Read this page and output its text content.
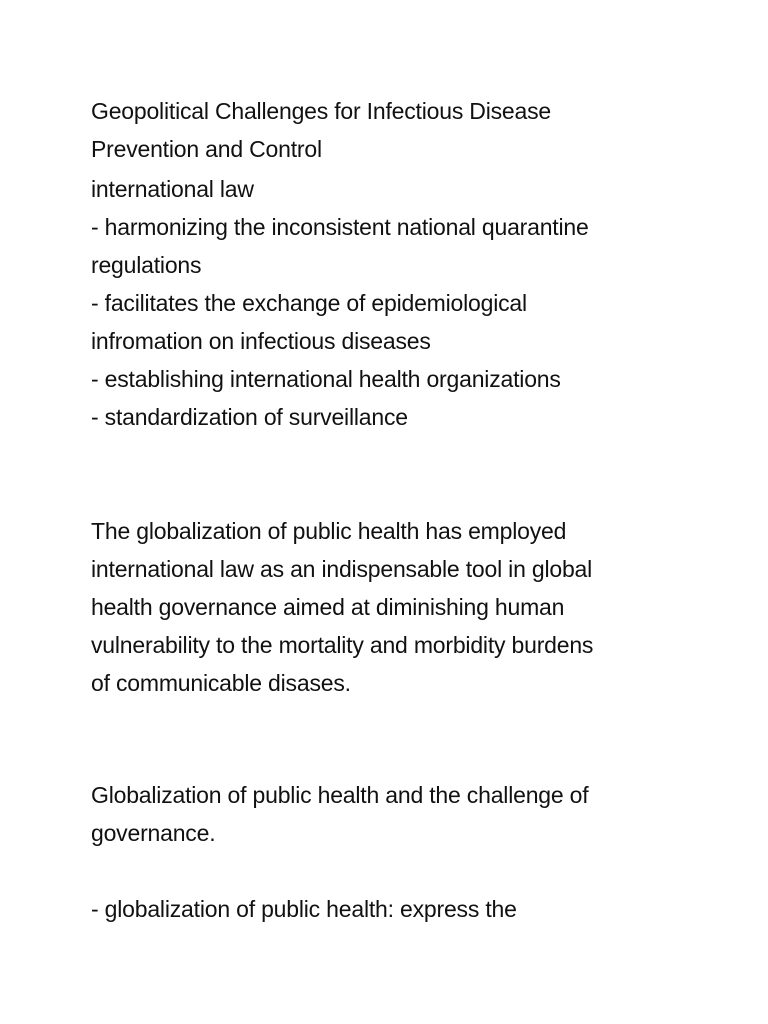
Geopolitical Challenges for Infectious Disease
Prevention and Control
international law
- harmonizing the inconsistent national quarantine
regulations
- facilitates the exchange of epidemiological
infromation on infectious diseases
- establishing international health organizations
- standardization of surveillance
The globalization of public health has employed
international law as an indispensable tool in global
health governance aimed at diminishing human
vulnerability to the mortality and morbidity burdens
of communicable disases.
Globalization of public health and the challenge of
governance.
- globalization of public health: express the
